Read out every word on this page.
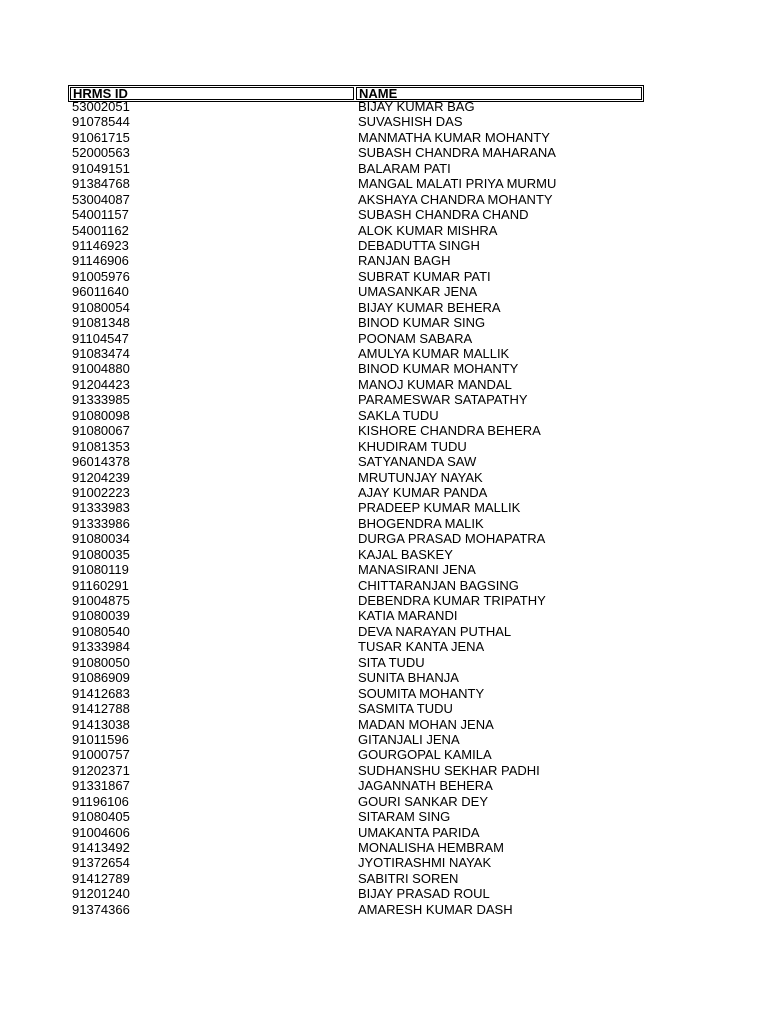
HRMS ID	NAME
53002051	BIJAY KUMAR BAG
91078544	SUVASHISH DAS
91061715	MANMATHA KUMAR MOHANTY
52000563	SUBASH CHANDRA MAHARANA
91049151	BALARAM PATI
91384768	MANGAL MALATI PRIYA MURMU
53004087	AKSHAYA CHANDRA MOHANTY
54001157	SUBASH CHANDRA CHAND
54001162	ALOK KUMAR MISHRA
91146923	DEBADUTTA SINGH
91146906	RANJAN BAGH
91005976	SUBRAT KUMAR PATI
96011640	UMASANKAR JENA
91080054	BIJAY KUMAR BEHERA
91081348	BINOD KUMAR SING
91104547	POONAM SABARA
91083474	AMULYA KUMAR MALLIK
91004880	BINOD KUMAR MOHANTY
91204423	MANOJ KUMAR MANDAL
91333985	PARAMESWAR SATAPATHY
91080098	SAKLA TUDU
91080067	KISHORE CHANDRA BEHERA
91081353	KHUDIRAM TUDU
96014378	SATYANANDA SAW
91204239	MRUTUNJAY NAYAK
91002223	AJAY KUMAR PANDA
91333983	PRADEEP KUMAR MALLIK
91333986	BHOGENDRA MALIK
91080034	DURGA PRASAD MOHAPATRA
91080035	KAJAL BASKEY
91080119	MANASIRANI JENA
91160291	CHITTARANJAN BAGSING
91004875	DEBENDRA KUMAR TRIPATHY
91080039	KATIA MARANDI
91080540	DEVA NARAYAN PUTHAL
91333984	TUSAR KANTA JENA
91080050	SITA TUDU
91086909	SUNITA BHANJA
91412683	SOUMITA MOHANTY
91412788	SASMITA TUDU
91413038	MADAN MOHAN JENA
91011596	GITANJALI JENA
91000757	GOURGOPAL KAMILA
91202371	SUDHANSHU SEKHAR PADHI
91331867	JAGANNATH BEHERA
91196106	GOURI SANKAR DEY
91080405	SITARAM SING
91004606	UMAKANTA PARIDA
91413492	MONALISHA HEMBRAM
91372654	JYOTIRASHMI NAYAK
91412789	SABITRI SOREN
91201240	BIJAY PRASAD ROUL
91374366	AMARESH KUMAR DASH
